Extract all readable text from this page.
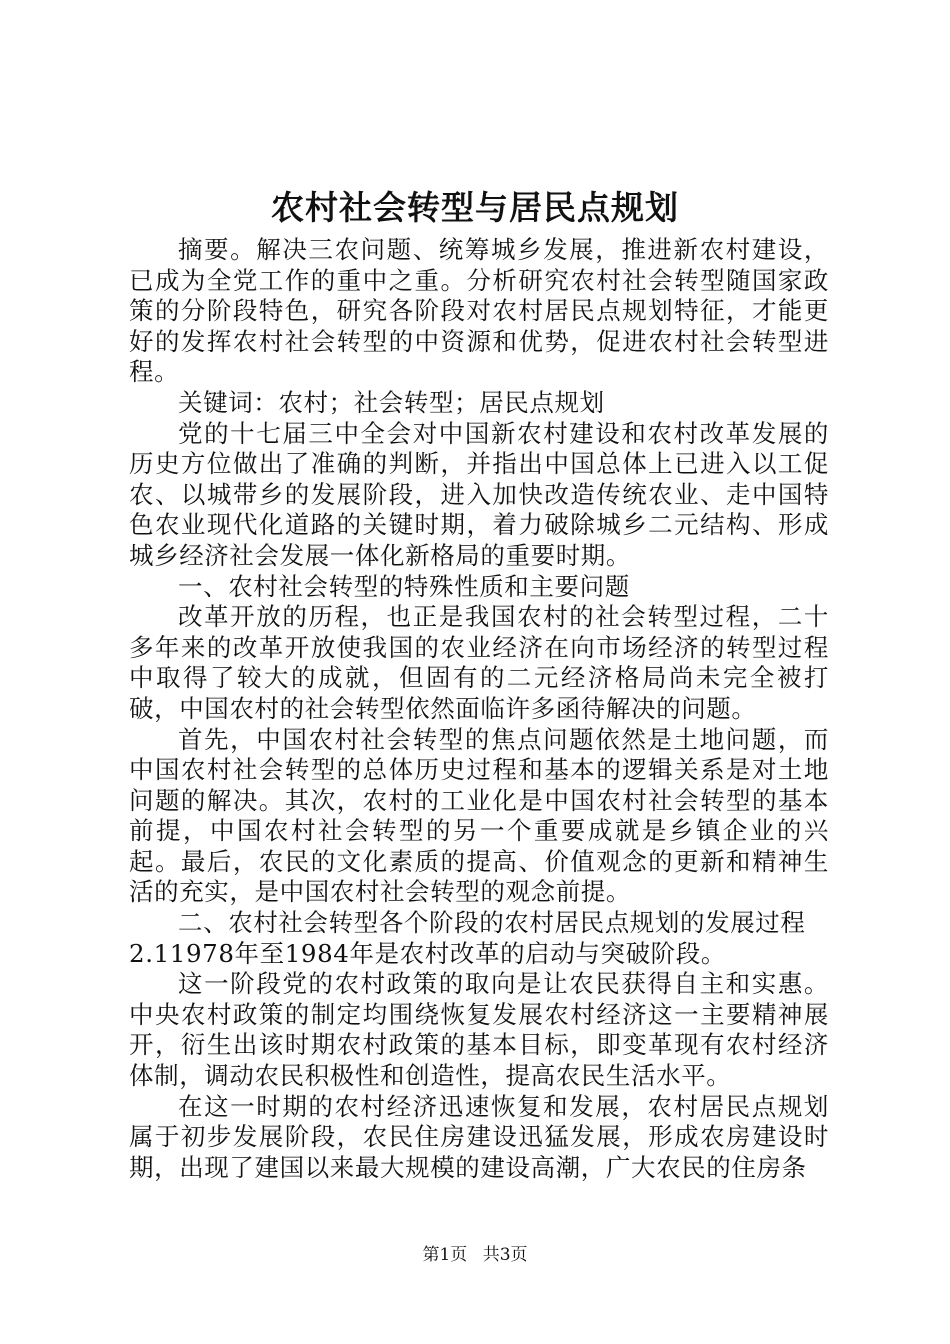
农村社会转型与居民点规划

摘要。解决三农问题、统筹城乡发展，推进新农村建设，已成为全党工作的重中之重。分析研究农村社会转型随国家政策的分阶段特色，研究各阶段对农村居民点规划特征，才能更好的发挥农村社会转型的中资源和优势，促进农村社会转型进程。

关键词：农村；社会转型；居民点规划

党的十七届三中全会对中国新农村建设和农村改革发展的历史方位做出了准确的判断，并指出中国总体上已进入以工促农、以城带乡的发展阶段，进入加快改造传统农业、走中国特色农业现代化道路的关键时期，着力破除城乡二元结构、形成城乡经济社会发展一体化新格局的重要时期。

一、农村社会转型的特殊性质和主要问题

改革开放的历程，也正是我国农村的社会转型过程，二十多年来的改革开放使我国的农业经济在向市场经济的转型过程中取得了较大的成就，但固有的二元经济格局尚未完全被打破，中国农村的社会转型依然面临许多函待解决的问题。

首先，中国农村社会转型的焦点问题依然是土地问题，而中国农村社会转型的总体历史过程和基本的逻辑关系是对土地问题的解决。其次，农村的工业化是中国农村社会转型的基本前提，中国农村社会转型的另一个重要成就是乡镇企业的兴起。最后，农民的文化素质的提高、价值观念的更新和精神生活的充实，是中国农村社会转型的观念前提。

二、农村社会转型各个阶段的农村居民点规划的发展过程

2.11978年至1984年是农村改革的启动与突破阶段。

这一阶段党的农村政策的取向是让农民获得自主和实惠。中央农村政策的制定均围绕恢复发展农村经济这一主要精神展开，衍生出该时期农村政策的基本目标，即变革现有农村经济体制，调动农民积极性和创造性，提高农民生活水平。

在这一时期的农村经济迅速恢复和发展，农村居民点规划属于初步发展阶段，农民住房建设迅猛发展，形成农房建设时期，出现了建国以来最大规模的建设高潮，广大农民的住房条

第1页 共3页
